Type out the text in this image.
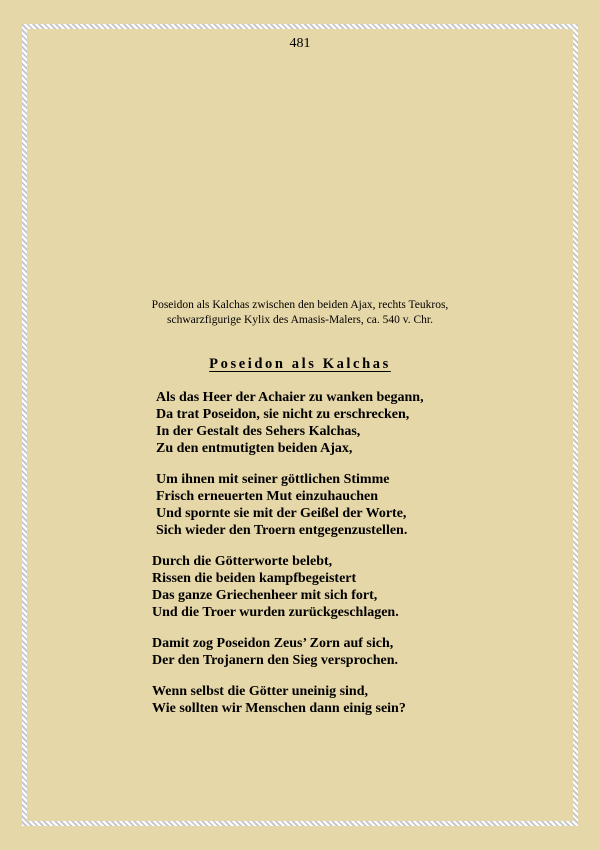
481
Poseidon als Kalchas zwischen den beiden Ajax, rechts Teukros,
schwarzfigurige Kylix des Amasis-Malers, ca. 540 v. Chr.
Poseidon als Kalchas
Als das Heer der Achaier zu wanken begann,
Da trat Poseidon, sie nicht zu erschrecken,
In der Gestalt des Sehers Kalchas,
Zu den entmutigten beiden Ajax,
Um ihnen mit seiner göttlichen Stimme
Frisch erneuerten Mut einzuhauchen
Und spornte sie mit der Geißel der Worte,
Sich wieder den Troern entgegenzustellen.
Durch die Götterworte belebt,
Rissen die beiden kampfbegeistert
Das ganze Griechenheer mit sich fort,
Und die Troer wurden zurückgeschlagen.
Damit zog Poseidon Zeus’ Zorn auf sich,
Der den Trojanern den Sieg versprochen.
Wenn selbst die Götter uneinig sind,
Wie sollten wir Menschen dann einig sein?
